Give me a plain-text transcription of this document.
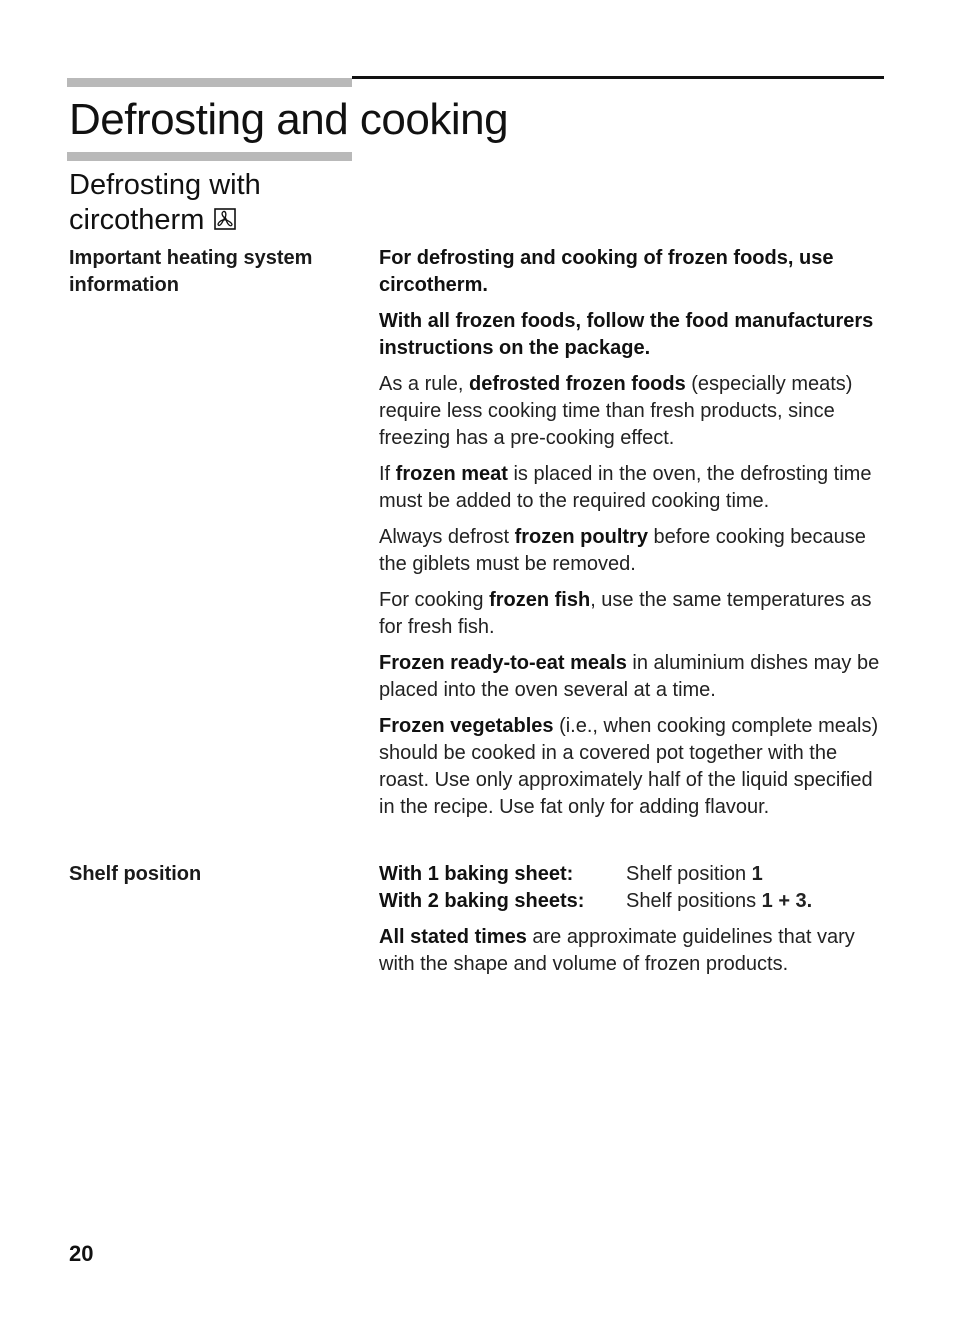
Defrosting and cooking
Defrosting with
circotherm
Important heating system information

For defrosting and cooking of frozen foods, use circotherm.

With all frozen foods, follow the food manufacturers instructions on the package.

As a rule, defrosted frozen foods (especially meats) require less cooking time than fresh products, since freezing has a pre-cooking effect.

If frozen meat is placed in the oven, the defrosting time must be added to the required cooking time.

Always defrost frozen poultry before cooking because the giblets must be removed.

For cooking frozen fish, use the same temperatures as for fresh fish.

Frozen ready-to-eat meals in aluminium dishes may be placed into the oven several at a time.

Frozen vegetables (i.e., when cooking complete meals) should be cooked in a covered pot together with the roast. Use only approximately half of the liquid specified in the recipe. Use fat only for adding flavour.

Shelf position	With 1 baking sheet:	Shelf position 1
With 2 baking sheets:	Shelf positions 1 + 3.

All stated times are approximate guidelines that vary with the shape and volume of frozen products.

20
